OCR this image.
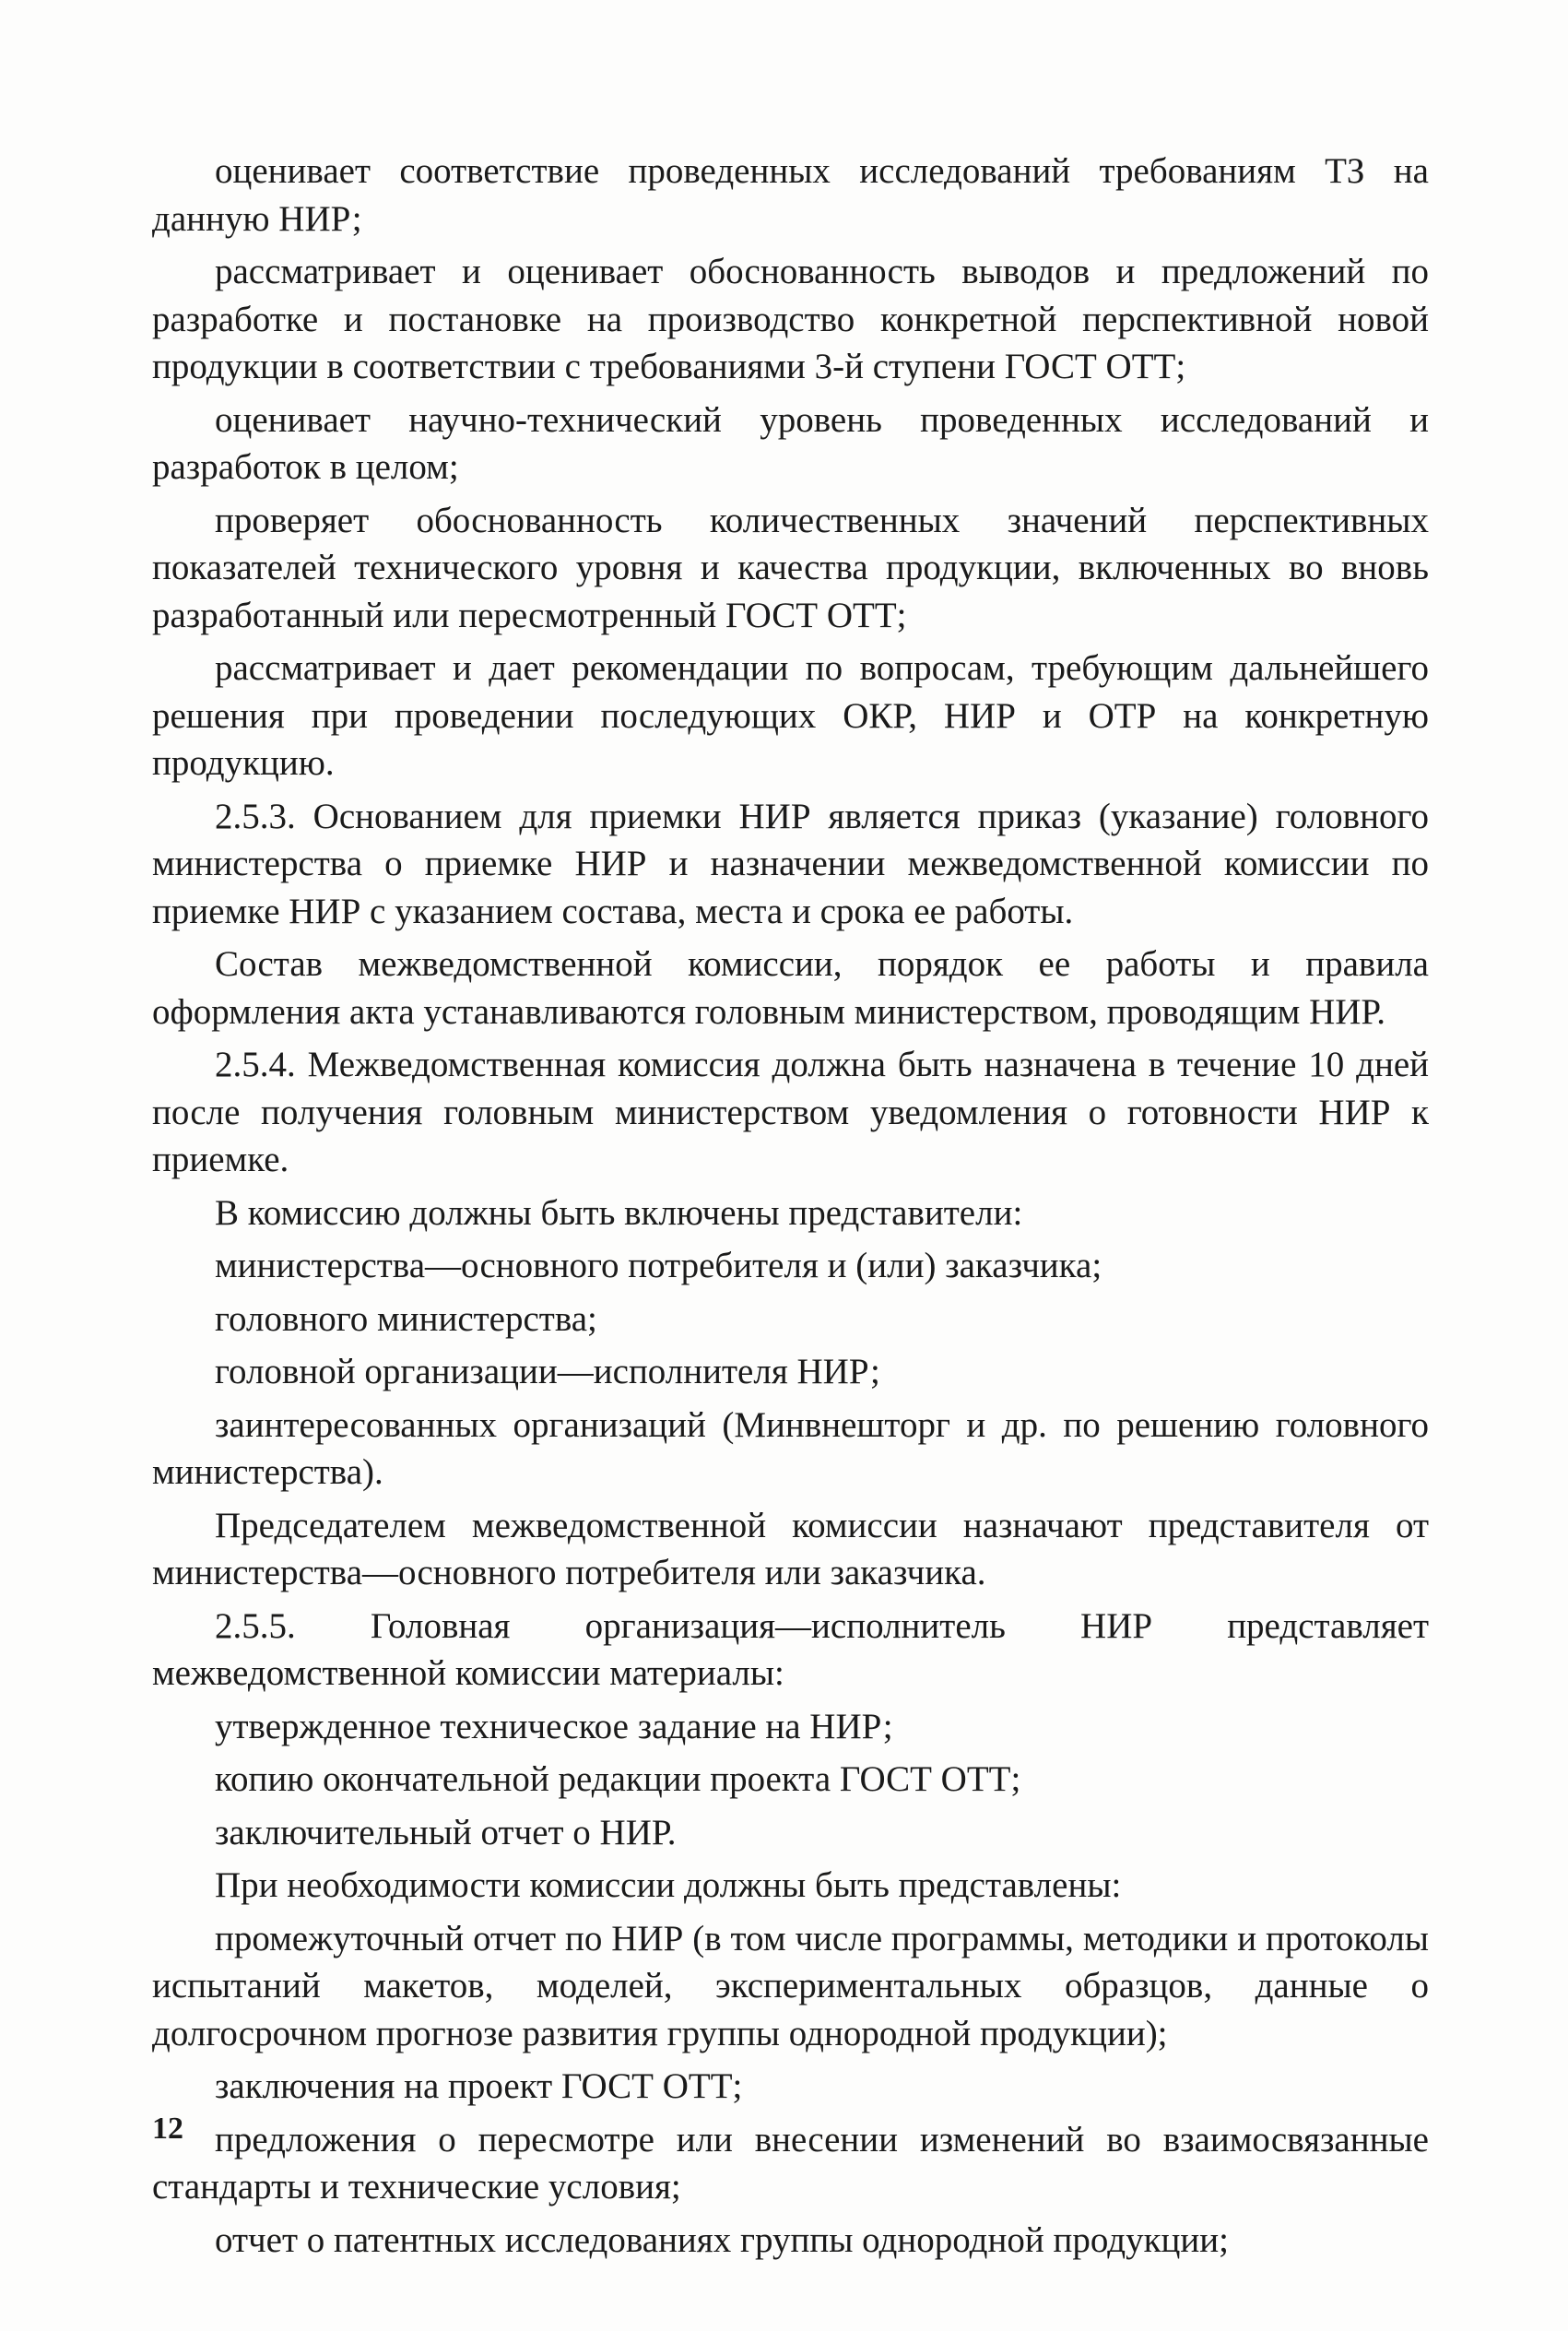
оценивает соответствие проведенных исследований требованиям ТЗ на данную НИР;

рассматривает и оценивает обоснованность выводов и предложений по разработке и постановке на производство конкретной перспективной новой продукции в соответствии с требованиями 3-й ступени ГОСТ ОТТ;

оценивает научно-технический уровень проведенных исследований и разработок в целом;

проверяет обоснованность количественных значений перспективных показателей технического уровня и качества продукции, включенных во вновь разработанный или пересмотренный ГОСТ ОТТ;

рассматривает и дает рекомендации по вопросам, требующим дальнейшего решения при проведении последующих ОКР, НИР и ОТР на конкретную продукцию.

2.5.3. Основанием для приемки НИР является приказ (указание) головного министерства о приемке НИР и назначении межведомственной комиссии по приемке НИР с указанием состава, места и срока ее работы.

Состав межведомственной комиссии, порядок ее работы и правила оформления акта устанавливаются головным министерством, проводящим НИР.

2.5.4. Межведомственная комиссия должна быть назначена в течение 10 дней после получения головным министерством уведомления о готовности НИР к приемке.

В комиссию должны быть включены представители:

министерства—основного потребителя и (или) заказчика;

головного министерства;

головной организации—исполнителя НИР;

заинтересованных организаций (Минвнешторг и др. по решению головного министерства).

Председателем межведомственной комиссии назначают представителя от министерства—основного потребителя или заказчика.

2.5.5. Головная организация—исполнитель НИР представляет межведомственной комиссии материалы:

утвержденное техническое задание на НИР;

копию окончательной редакции проекта ГОСТ ОТТ;

заключительный отчет о НИР.

При необходимости комиссии должны быть представлены:

промежуточный отчет по НИР (в том числе программы, методики и протоколы испытаний макетов, моделей, экспериментальных образцов, данные о долгосрочном прогнозе развития группы однородной продукции);

заключения на проект ГОСТ ОТТ;

предложения о пересмотре или внесении изменений во взаимосвязанные стандарты и технические условия;

отчет о патентных исследованиях группы однородной продукции;

12
